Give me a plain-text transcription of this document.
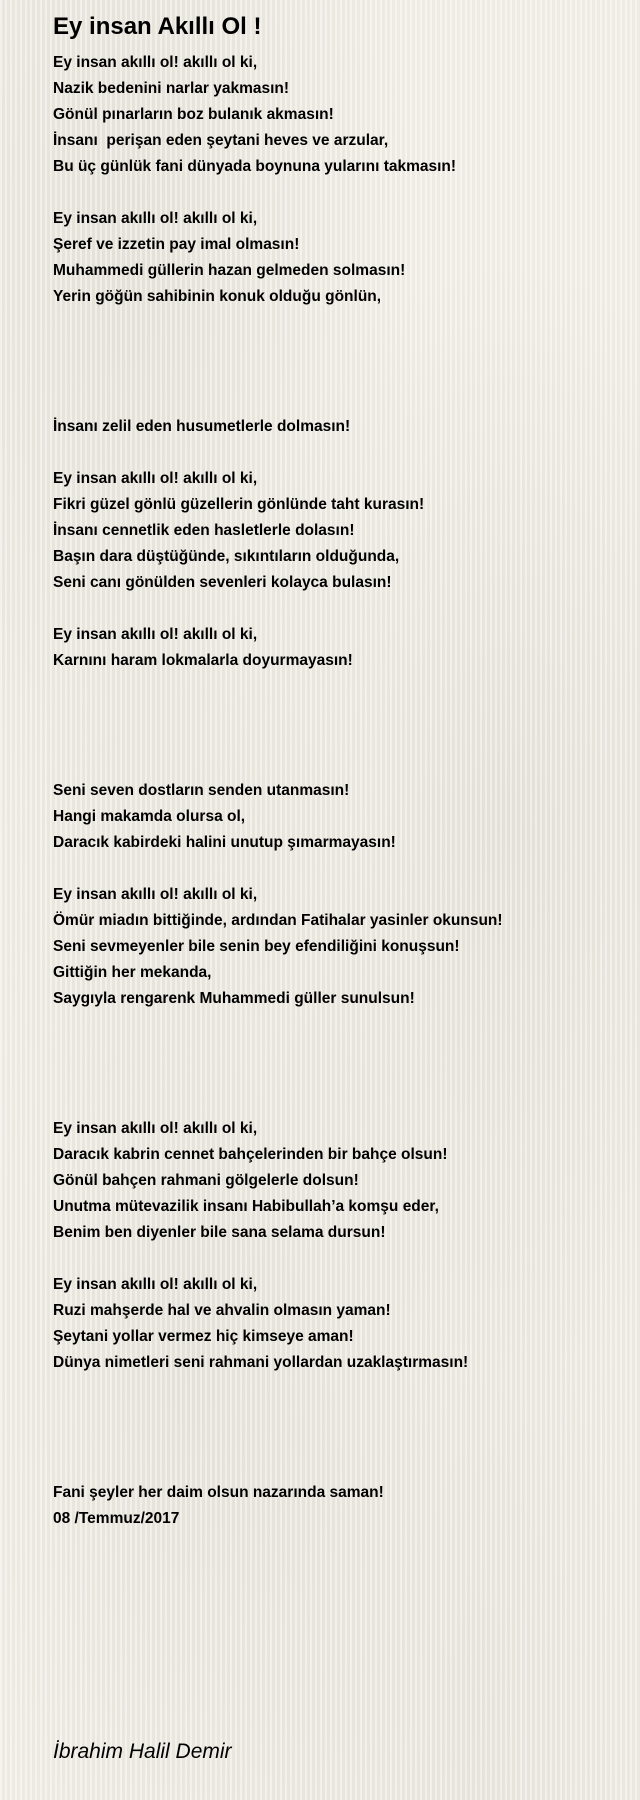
Ey insan Akıllı Ol !
Ey insan akıllı ol! akıllı ol ki,
Nazik bedenini narlar yakmasın!
Gönül pınarların boz bulanık akmasın!
İnsanı  perişan eden şeytani heves ve arzular,
Bu üç günlük fani dünyada boynuna yularını takmasın!
Ey insan akıllı ol! akıllı ol ki,
Şeref ve izzetin pay imal olmasın!
Muhammedi güllerin hazan gelmeden solmasın!
Yerin göğün sahibinin konuk olduğu gönlün,
İnsanı zelil eden husumetlerle dolmasın!
Ey insan akıllı ol! akıllı ol ki,
Fikri güzel gönlü güzellerin gönlünde taht kurasın!
İnsanı cennetlik eden hasletlerle dolasın!
Başın dara düştüğünde, sıkıntıların olduğunda,
Seni canı gönülden sevenleri kolayca bulasın!
Ey insan akıllı ol! akıllı ol ki,
Karnını haram lokmalarla doyurmayasın!
Seni seven dostların senden utanmasın!
Hangi makamda olursa ol,
Daracık kabirdeki halini unutup şımarmayasın!
Ey insan akıllı ol! akıllı ol ki,
Ömür miadın bittiğinde, ardından Fatihalar yasinler okunsun!
Seni sevmeyenler bile senin bey efendiliğini konuşsun!
Gittiğin her mekanda,
Saygıyla rengarenk Muhammedi güller sunulsun!
Ey insan akıllı ol! akıllı ol ki,
Daracık kabrin cennet bahçelerinden bir bahçe olsun!
Gönül bahçen rahmani gölgelerle dolsun!
Unutma mütevazilik insanı Habibullah’a komşu eder,
Benim ben diyenler bile sana selama dursun!
Ey insan akıllı ol! akıllı ol ki,
Ruzi mahşerde hal ve ahvalin olmasın yaman!
Şeytani yollar vermez hiç kimseye aman!
Dünya nimetleri seni rahmani yollardan uzaklaştırmasın!
Fani şeyler her daim olsun nazarında saman!
08 /Temmuz/2017
İbrahim Halil Demir
